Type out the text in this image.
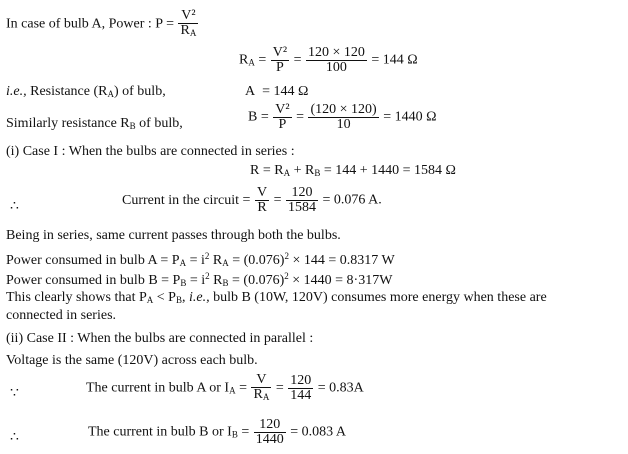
In case of bulb A, Power : $P = \frac{\text{V²}}{R_A}$
$R_A = \frac{\text{V²}}{P} = \frac{120 \times 120}{100} = 144$ Ω
i.e., Resistance $(R_A)$ of bulb,	A = 144 Ω
Similarly resistance $R_B$ of bulb,	$B = \frac{\text{V²}}{P} = \frac{(120 \times 120)}{10} = 1440$ Ω
(i) Case I : When the bulbs are connected in series :
$R = R_A + R_B = 144 + 1440 = 1584$ Ω
∴	Current in the circuit = $\frac{V}{R} = \frac{120}{1584} = 0.076$ A.
Being in series, same current passes through both the bulbs.
Power consumed in bulb $A = P_A = i^2$ $R_A = (0.076)^2 \times 144 = 0.8317$ W
Power consumed in bulb $B = P_B = i^2$ $R_B = (0.076)^2 \times 1440 = 8\cdot 317W$
This clearly shows that $P_A < P_B$, i.e., bulb B (10W, 120V) consumes more energy when these are
connected in series.
(ii) Case II : When the bulbs are connected in parallel :
Voltage is the same (120V) across each bulb.
∵	The current in bulb A or $I_A = \frac{V}{R_A} = \frac{120}{144} = 0.83A$
∴	The current in bulb B or $I_B = \frac{120}{1440} = 0.083$ A
